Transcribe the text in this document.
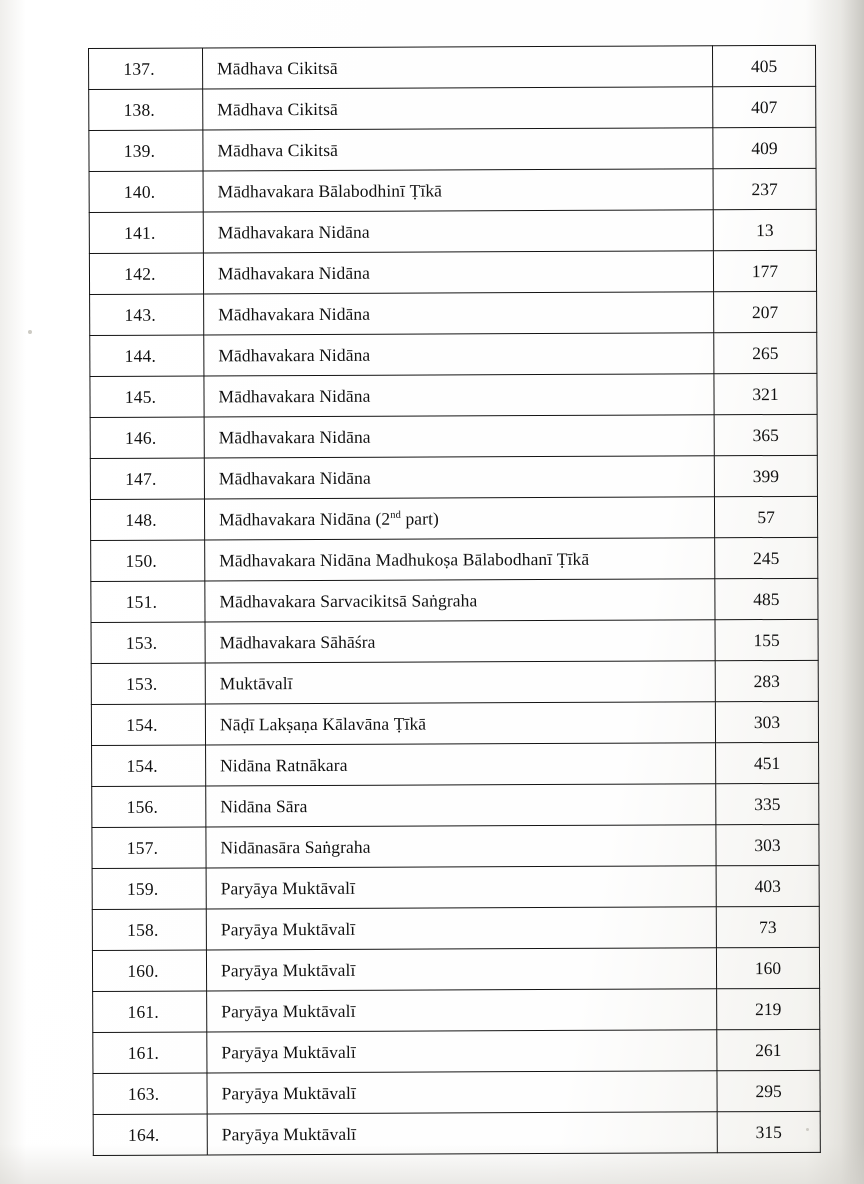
137.	Mādhava Cikitsā	405
138.	Mādhava Cikitsā	407
139.	Mādhava Cikitsā	409
140.	Mādhavakara Bālabodhinī Ṭīkā	237
141.	Mādhavakara Nidāna	13
142.	Mādhavakara Nidāna	177
143.	Mādhavakara Nidāna	207
144.	Mādhavakara Nidāna	265
145.	Mādhavakara Nidāna	321
146.	Mādhavakara Nidāna	365
147.	Mādhavakara Nidāna	399
148.	Mādhavakara Nidāna (2nd part)	57
150.	Mādhavakara Nidāna Madhukoṣa Bālabodhanī Ṭīkā	245
151.	Mādhavakara Sarvacikitsā Saṅgraha	485
153.	Mādhavakara Sāhāśra	155
153.	Muktāvalī	283
154.	Nāḍī Lakṣaṇa Kālavāna Ṭīkā	303
154.	Nidāna Ratnākara	451
156.	Nidāna Sāra	335
157.	Nidānasāra Saṅgraha	303
159.	Paryāya Muktāvalī	403
158.	Paryāya Muktāvalī	73
160.	Paryāya Muktāvalī	160
161.	Paryāya Muktāvalī	219
161.	Paryāya Muktāvalī	261
163.	Paryāya Muktāvalī	295
164.	Paryāya Muktāvalī	315
